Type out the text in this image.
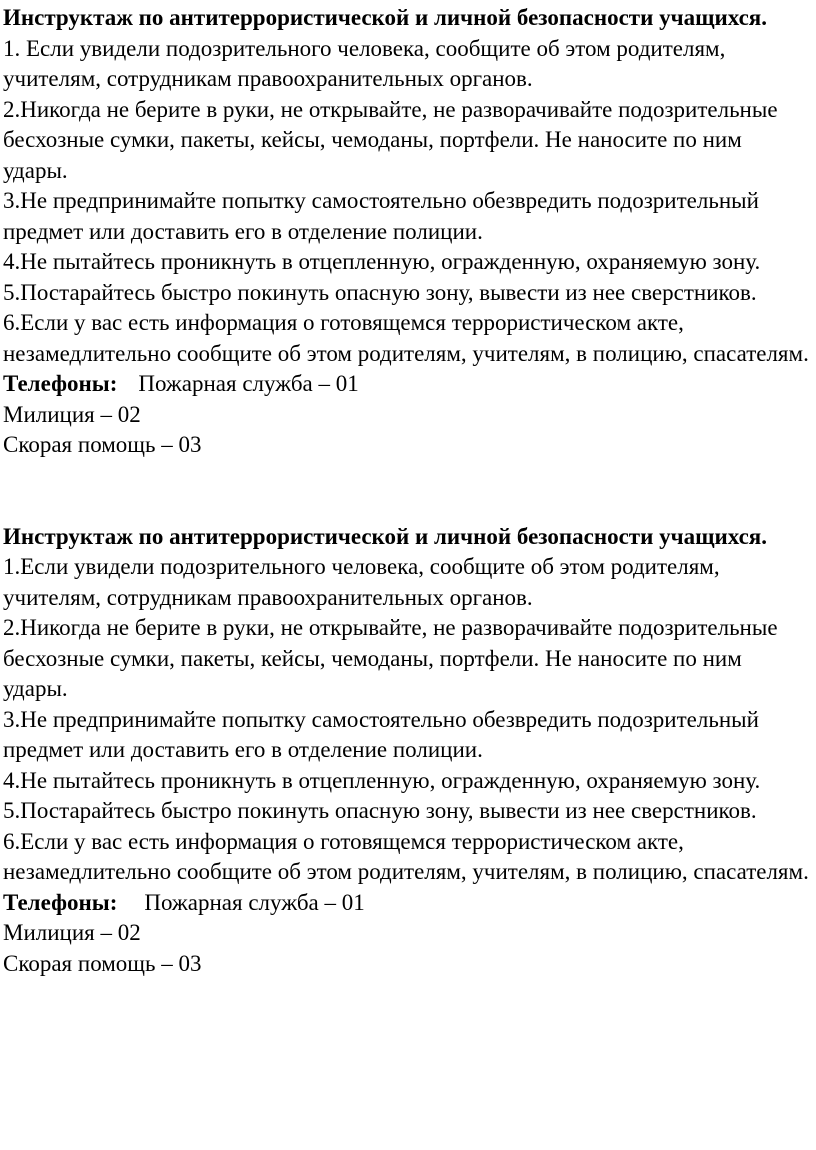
Инструктаж по антитеррористической и личной безопасности учащихся.

1. Если увидели подозрительного человека, сообщите об этом родителям, учителям, сотрудникам правоохранительных органов.

2.Никогда не берите в руки, не открывайте, не разворачивайте подозрительные бесхозные сумки, пакеты, кейсы, чемоданы, портфели. Не наносите по ним удары.

3.Не предпринимайте попытку самостоятельно обезвредить подозрительный предмет или доставить его в отделение полиции.

4.Не пытайтесь проникнуть в отцепленную, огражденную, охраняемую зону.

5.Постарайтесь быстро покинуть опасную зону, вывести из нее сверстников.

6.Если у вас есть информация о готовящемся террористическом акте, незамедлительно сообщите об этом родителям, учителям, в полицию, спасателям.

Телефоны: Пожарная служба – 01

Милиция – 02

Скорая помощь – 03

Инструктаж по антитеррористической и личной безопасности учащихся.

1.Если увидели подозрительного человека, сообщите об этом родителям, учителям, сотрудникам правоохранительных органов.

2.Никогда не берите в руки, не открывайте, не разворачивайте подозрительные бесхозные сумки, пакеты, кейсы, чемоданы, портфели. Не наносите по ним удары.

3.Не предпринимайте попытку самостоятельно обезвредить подозрительный предмет или доставить его в отделение полиции.

4.Не пытайтесь проникнуть в отцепленную, огражденную, охраняемую зону.

5.Постарайтесь быстро покинуть опасную зону, вывести из нее сверстников.

6.Если у вас есть информация о готовящемся террористическом акте, незамедлительно сообщите об этом родителям, учителям, в полицию, спасателям.

Телефоны: Пожарная служба – 01

Милиция – 02

Скорая помощь – 03
